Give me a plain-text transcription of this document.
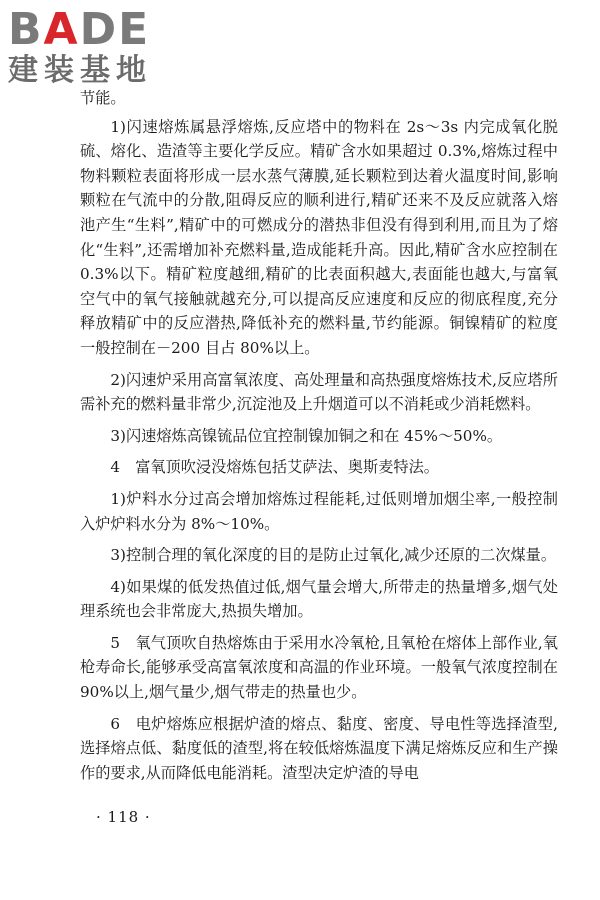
BADE
建装基地

节能。

1)闪速熔炼属悬浮熔炼,反应塔中的物料在 2s～3s 内完成氧化脱硫、熔化、造渣等主要化学反应。精矿含水如果超过 0.3%,熔炼过程中物料颗粒表面将形成一层水蒸气薄膜,延长颗粒到达着火温度时间,影响颗粒在气流中的分散,阻碍反应的顺利进行,精矿还来不及反应就落入熔池产生“生料”,精矿中的可燃成分的潜热非但没有得到利用,而且为了熔化“生料”,还需增加补充燃料量,造成能耗升高。因此,精矿含水应控制在 0.3%以下。精矿粒度越细,精矿的比表面积越大,表面能也越大,与富氧空气中的氧气接触就越充分,可以提高反应速度和反应的彻底程度,充分释放精矿中的反应潜热,降低补充的燃料量,节约能源。铜镍精矿的粒度一般控制在－200 目占 80%以上。

2)闪速炉采用高富氧浓度、高处理量和高热强度熔炼技术,反应塔所需补充的燃料量非常少,沉淀池及上升烟道可以不消耗或少消耗燃料。

3)闪速熔炼高镍锍品位宜控制镍加铜之和在 45%～50%。

4　富氧顶吹浸没熔炼包括艾萨法、奥斯麦特法。

1)炉料水分过高会增加熔炼过程能耗,过低则增加烟尘率,一般控制入炉炉料水分为 8%～10%。

3)控制合理的氧化深度的目的是防止过氧化,减少还原的二次煤量。

4)如果煤的低发热值过低,烟气量会增大,所带走的热量增多,烟气处理系统也会非常庞大,热损失增加。

5　氧气顶吹自热熔炼由于采用水冷氧枪,且氧枪在熔体上部作业,氧枪寿命长,能够承受高富氧浓度和高温的作业环境。一般氧气浓度控制在 90%以上,烟气量少,烟气带走的热量也少。

6　电炉熔炼应根据炉渣的熔点、黏度、密度、导电性等选择渣型,选择熔点低、黏度低的渣型,将在较低熔炼温度下满足熔炼反应和生产操作的要求,从而降低电能消耗。渣型决定炉渣的导电

· 118 ·
